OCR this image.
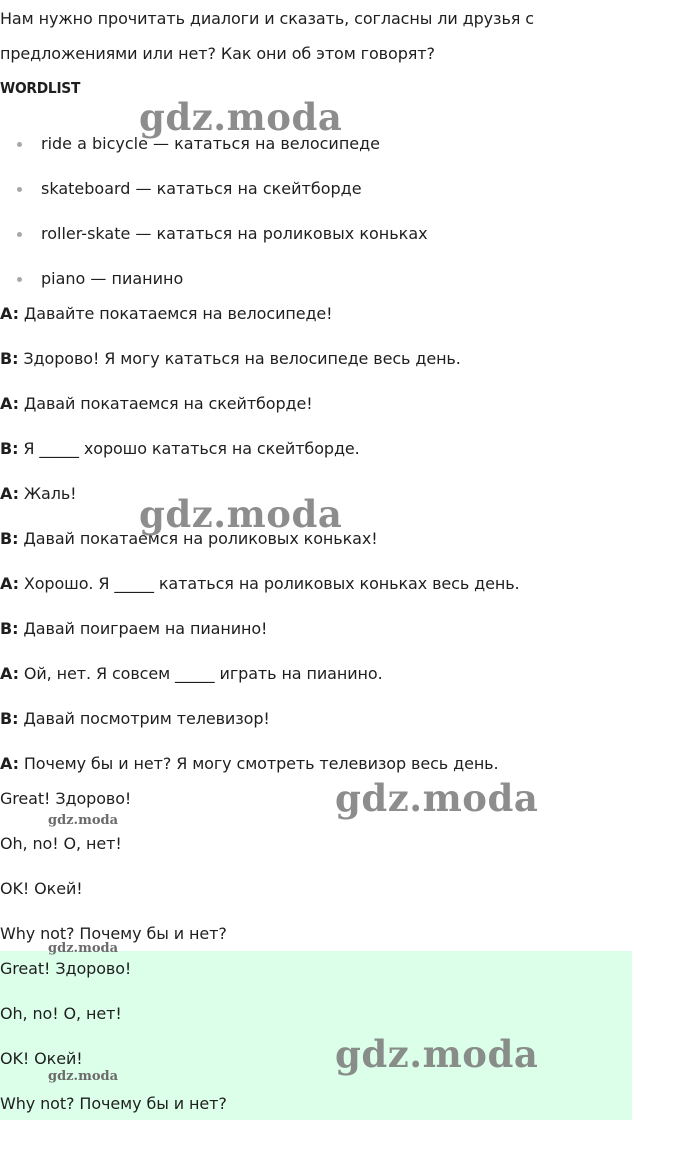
Нам нужно прочитать диалоги и сказать, согласны ли друзья с
предложениями или нет? Как они об этом говорят?
WORDLIST
ride a bicycle — кататься на велосипеде
skateboard — кататься на скейтборде
roller-skate — кататься на роликовых коньках
piano — пианино
A: Давайте покатаемся на велосипеде!
B: Здорово! Я могу кататься на велосипеде весь день.
A: Давай покатаемся на скейтборде!
B: Я _____ хорошо кататься на скейтборде.
A: Жаль!
B: Давай покатаемся на роликовых коньках!
A: Хорошо. Я _____ кататься на роликовых коньках весь день.
B: Давай поиграем на пианино!
A: Ой, нет. Я совсем _____ играть на пианино.
B: Давай посмотрим телевизор!
A: Почему бы и нет? Я могу смотреть телевизор весь день.
Great! Здорово!
Oh, no! O, нет!
OK! Окей!
Why not? Почему бы и нет?
Great! Здорово!
Oh, no! O, нет!
OK! Окей!
Why not? Почему бы и нет?
gdz.moda
gdz.moda
gdz.moda
gdz.moda
gdz.moda
gdz.moda
gdz.moda
